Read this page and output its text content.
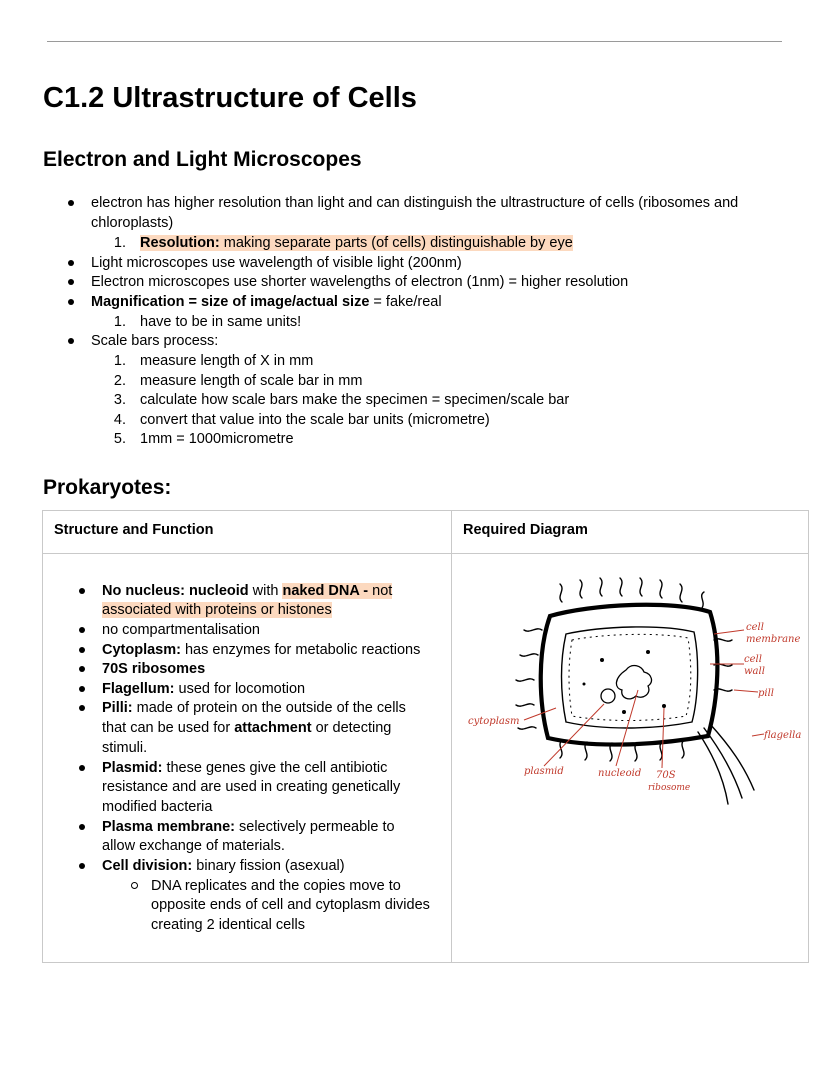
C1.2 Ultrastructure of Cells
Electron and Light Microscopes
electron has higher resolution than light and can distinguish the ultrastructure of cells (ribosomes and
chloroplasts)
1. Resolution: making separate parts (of cells) distinguishable by eye
Light microscopes use wavelength of visible light (200nm)
Electron microscopes use shorter wavelengths of electron (1nm) = higher resolution
Magnification = size of image/actual size = fake/real
1. have to be in same units!
Scale bars process:
1. measure length of X in mm
2. measure length of scale bar in mm
3. calculate how scale bars make the specimen = specimen/scale bar
4. convert that value into the scale bar units (micrometre)
5. 1mm = 1000micrometre
Prokaryotes:
Structure and Function	Required Diagram
No nucleus: nucleoid with naked DNA - not
associated with proteins or histones
no compartmentalisation
Cytoplasm: has enzymes for metabolic reactions
70S ribosomes
Flagellum: used for locomotion
Pilli: made of protein on the outside of the cells
that can be used for attachment or detecting
stimuli.
Plasmid: these genes give the cell antibiotic
resistance and are used in creating genetically
modified bacteria
Plasma membrane: selectively permeable to
allow exchange of materials.
Cell division: binary fission (asexual)
DNA replicates and the copies move to
opposite ends of cell and cytoplasm divides
creating 2 identical cells
cell
membrane
cell
wall
pill
flagella
cytoplasm
plasmid	nucleoid 70S
ribosome
